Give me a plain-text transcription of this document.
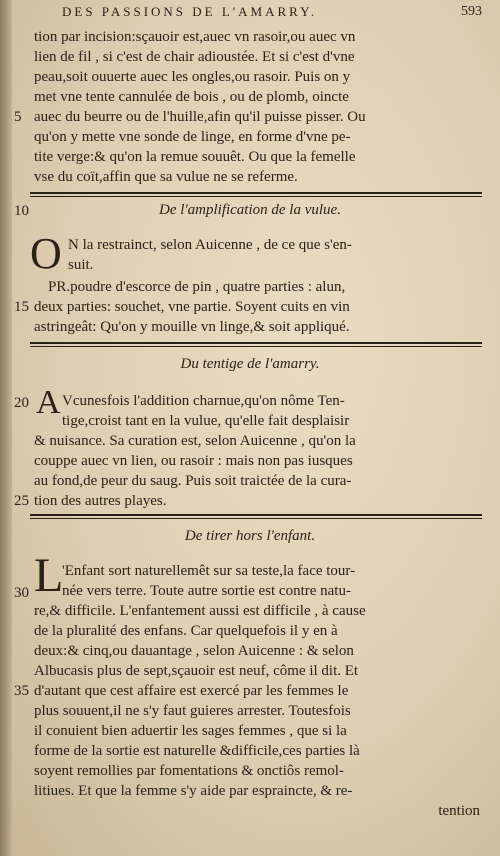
DES PASSIONS DE L'AMARRY.	593
tion par incision:sçauoir est,auec vn rasoir,ou auec vn
lien de fil , si c'est de chair adioustée. Et si c'est d'vne
peau,soit ouuerte auec les ongles,ou rasoir. Puis on y
met vne tente cannulée de bois , ou de plomb, oincte
5 auec du beurre ou de l'huille,afin qu'il puisse pisser. Ou
qu'on y mette vne sonde de linge, en forme d'vne pe-
tite verge:& qu'on la remue souuêt. Ou que la femelle
vse du coït,affin que sa vulue ne se referme.
10	De l'amplification de la vulue.
O N la restrainct, selon Auicenne , de ce que s'en-
suit.
PR.poudre d'escorce de pin , quatre parties : alun,
15 deux parties: souchet, vne partie. Soyent cuits en vin
astringeât: Qu'on y mouille vn linge,& soit appliqué.
Du tentige de l'amarry.
20 A Vcunesfois l'addition charnue,qu'on nôme Ten-
tige,croist tant en la vulue, qu'elle fait desplaisir
& nuisance. Sa curation est, selon Auicenne , qu'on la
couppe auec vn lien, ou rasoir : mais non pas iusques
au fond,de peur du saug. Puis soit traictée de la cura-
25 tion des autres playes.
De tirer hors l'enfant.
L
'Enfant sort naturellemêt sur sa teste,la face tour-
30 née vers terre. Toute autre sortie est contre natu-
re,& difficile. L'enfantement aussi est difficile , à cause
de la pluralité des enfans. Car quelquefois il y en à
deux:& cinq,ou dauantage , selon Auicenne : & selon
Albucasis plus de sept,sçauoir est neuf, côme il dit. Et
35 d'autant que cest affaire est exercé par les femmes le
plus souuent,il ne s'y faut guieres arrester. Toutesfois
il conuient bien aduertir les sages femmes , que si la
forme de la sortie est naturelle &difficile,ces parties là
soyent remollies par fomentations & onctiôs remol-
litiues. Et que la femme s'y aide par espraincte, & re-
tention
